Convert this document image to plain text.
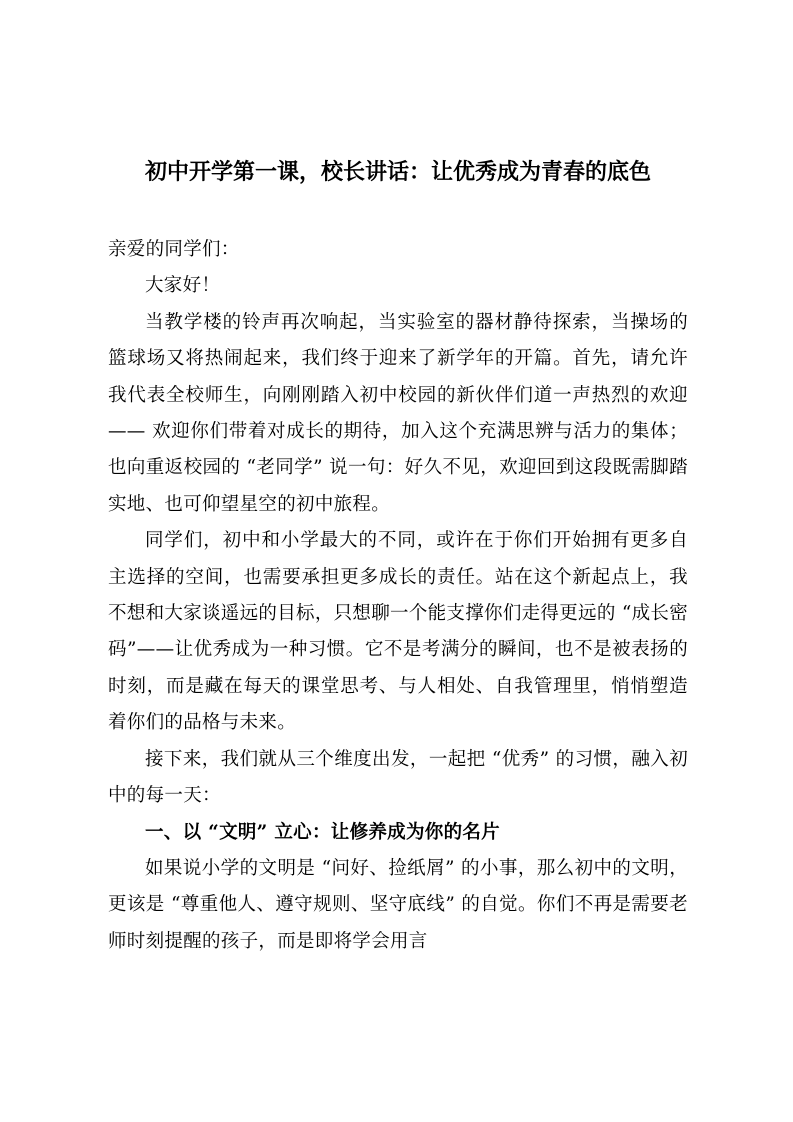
初中开学第一课，校长讲话：让优秀成为青春的底色

亲爱的同学们：

大家好！

当教学楼的铃声再次响起，当实验室的器材静待探索，当操场的篮球场又将热闹起来，我们终于迎来了新学年的开篇。首先，请允许我代表全校师生，向刚刚踏入初中校园的新伙伴们道一声热烈的欢迎 —— 欢迎你们带着对成长的期待，加入这个充满思辨与活力的集体；也向重返校园的 “老同学” 说一句：好久不见，欢迎回到这段既需脚踏实地、也可仰望星空的初中旅程。

同学们，初中和小学最大的不同，或许在于你们开始拥有更多自主选择的空间，也需要承担更多成长的责任。站在这个新起点上，我不想和大家谈遥远的目标，只想聊一个能支撑你们走得更远的 “成长密码”——让优秀成为一种习惯。它不是考满分的瞬间，也不是被表扬的时刻，而是藏在每天的课堂思考、与人相处、自我管理里，悄悄塑造着你们的品格与未来。

接下来，我们就从三个维度出发，一起把 “优秀” 的习惯，融入初中的每一天：

一、以 “文明” 立心：让修养成为你的名片

如果说小学的文明是 “问好、捡纸屑” 的小事，那么初中的文明，更该是 “尊重他人、遵守规则、坚守底线” 的自觉。你们不再是需要老师时刻提醒的孩子，而是即将学会用言
